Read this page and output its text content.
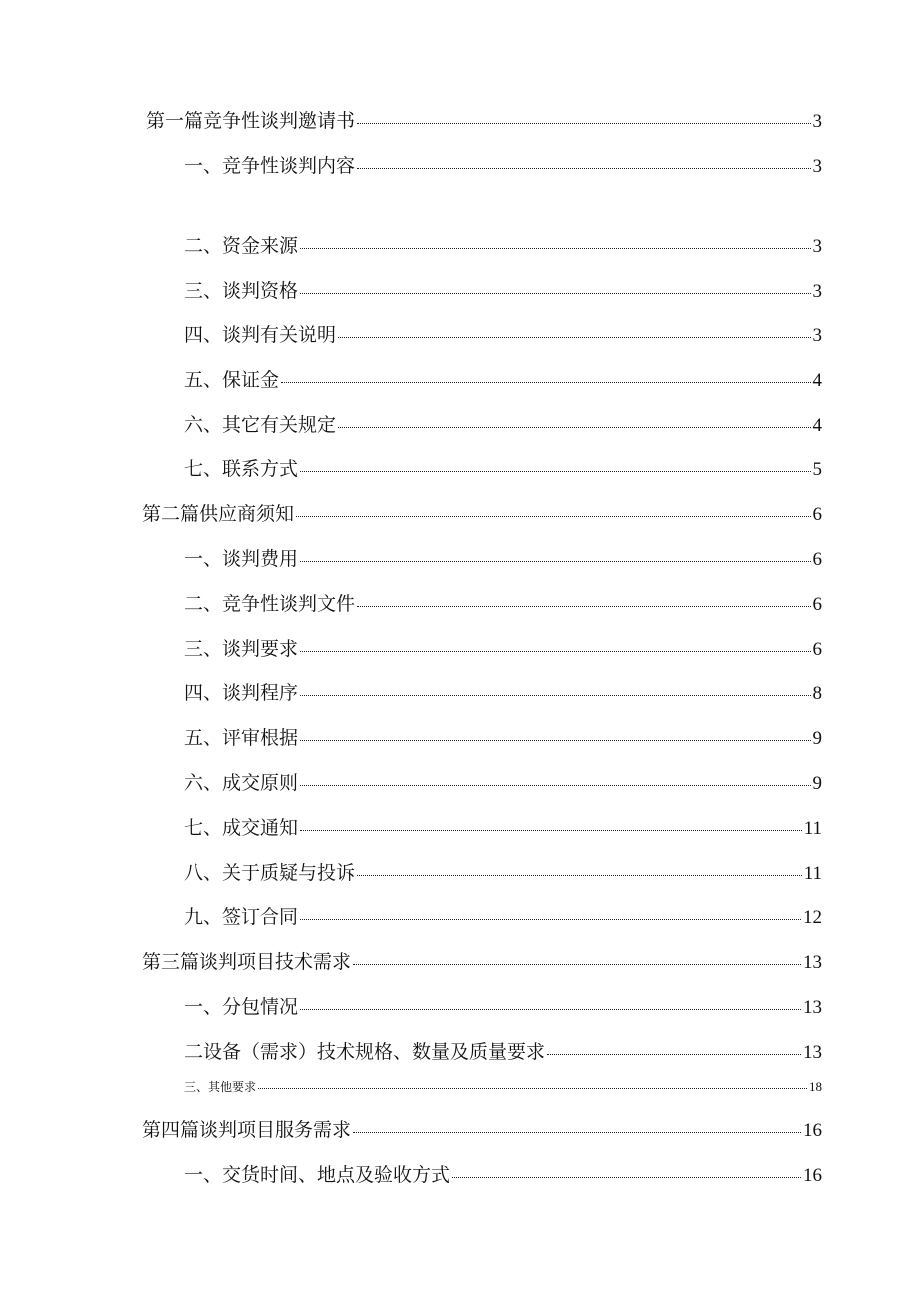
第一篇竞争性谈判邀请书	3
一、竞争性谈判内容	3
二、资金来源	3
三、谈判资格	3
四、谈判有关说明	3
五、保证金	4
六、其它有关规定	4
七、联系方式	5
第二篇供应商须知	6
一、谈判费用	6
二、竞争性谈判文件	6
三、谈判要求	6
四、谈判程序	8
五、评审根据	9
六、成交原则	9
七、成交通知	11
八、关于质疑与投诉	11
九、签订合同	12
第三篇谈判项目技术需求	13
一、分包情况	13
二设备（需求）技术规格、数量及质量要求	13
三、其他要求	18
第四篇谈判项目服务需求	16
一、交货时间、地点及验收方式	16
